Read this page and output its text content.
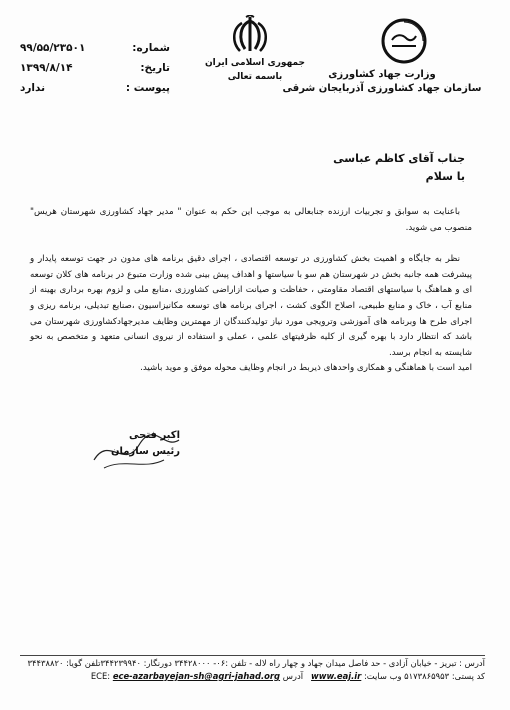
شماره:
۹۹/۵۵/۲۳۵۰۱
تاریخ:
۱۳۹۹/۸/۱۴
پیوست :
ندارد
جمهوری اسلامی ایران
باسمه تعالی	وزارت جهاد کشاورزی
سازمان جهاد کشاورزی آذربایجان شرقی
جناب آقای کاظم عباسی
با سلام

باعنایت به سوابق و تجربیات ارزنده جنابعالی به موجب این حکم به عنوان " مدیر جهاد کشاورزی شهرستان هریس" منصوب می شوید.

نظر به جایگاه و اهمیت بخش کشاورزی در توسعه اقتصادی ، اجرای دقیق برنامه های مدون در جهت توسعه پایدار و پیشرفت همه جانبه بخش در شهرستان هم سو با سیاستها و اهداف پیش بینی شده وزارت متبوع در برنامه های کلان توسعه ای و هماهنگ با سیاستهای اقتصاد مقاومتی ، حفاظت و صیانت ازاراضی کشاورزی ،منابع ملی و لزوم بهره برداری بهینه از منابع آب ، خاک و منابع طبیعی، اصلاح الگوی کشت ، اجرای برنامه های توسعه مکانیزاسیون ،صنایع تبدیلی، برنامه ریزی و اجرای طرح ها وبرنامه های آموزشی وترویجی مورد نیاز تولیدکنندگان از مهمترین وظایف مدیرجهادکشاورزی شهرستان می باشد که انتظار دارد با بهره گیری از کلیه ظرفیتهای علمی ، عملی و استفاده از نیروی انسانی متعهد و متخصص به نحو شایسته به انجام برسد.

امید است با هماهنگی و همکاری واحدهای ذیربط در انجام وظایف محوله موفق و موید باشید.

اکبر فتحی
رئیس سازمان
آدرس : تبریز - خیابان آزادی - حد فاصل میدان جهاد و چهار راه لاله - تلفن :۰۶- ۳۴۴۲۸۰۰۰ دورنگار: ۳۴۴۲۳۹۹۴۰تلفن گویا: ۳۴۴۳۸۸۲۰
کد پستی: ۵۱۷۳۸۶۵۹۵۳ وب سایت: www.eaj.ir   آدرس ECE: ece-azarbayejan-sh@agri-jahad.org
